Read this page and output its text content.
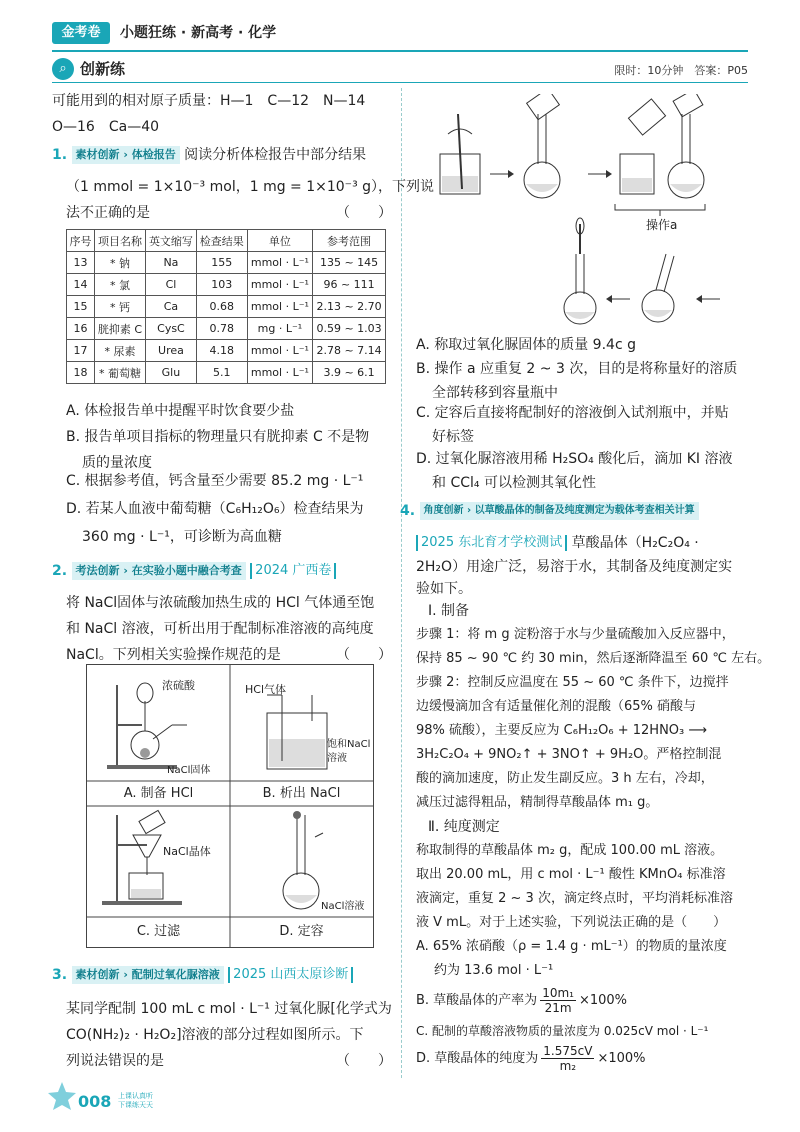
金考卷	小题狂练 · 新高考 · 化学
⌕ 创新练	限时：10分钟　答案：P05
可能用到的相对原子质量：H—1　C—12　N—14
O—16　Ca—40
1. 素材创新 › 体检报告 阅读分析体检报告中部分结果
（1 mmol = 1×10⁻³ mol，1 mg = 1×10⁻³ g），下列说
法不正确的是	（　　）
序号	项目名称	英文缩写	检查结果	单位	参考范围
13	* 钠	Na	155	mmol · L⁻¹	135 ~ 145
14	* 氯	Cl	103	mmol · L⁻¹	96 ~ 111
15	* 钙	Ca	0.68	mmol · L⁻¹	2.13 ~ 2.70
16	胱抑素 C	CysC	0.78	mg · L⁻¹	0.59 ~ 1.03
17	* 尿素	Urea	4.18	mmol · L⁻¹	2.78 ~ 7.14
18	* 葡萄糖	Glu	5.1	mmol · L⁻¹	3.9 ~ 6.1
A. 体检报告单中提醒平时饮食要少盐
B. 报告单项目指标的物理量只有胱抑素 C 不是物
质的量浓度
C. 根据参考值，钙含量至少需要 85.2 mg · L⁻¹
D. 若某人血液中葡萄糖（C₆H₁₂O₆）检查结果为
360 mg · L⁻¹，可诊断为高血糖
2. 考法创新 › 在实验小题中融合考查 2024 广西卷
将 NaCl固体与浓硫酸加热生成的 HCl 气体通至饱
和 NaCl 溶液，可析出用于配制标准溶液的高纯度
NaCl。下列相关实验操作规范的是	（　　）
浓硫酸
NaCl固体
A. 制备 HCl
HCl气体
饱和NaCl
溶液
B. 析出 NaCl
NaCl晶体
C. 过滤
NaCl溶液
D. 定容
3. 素材创新 › 配制过氧化脲溶液 2025 山西太原诊断
某同学配制 100 mL c mol · L⁻¹ 过氧化脲[化学式为
CO(NH₂)₂ · H₂O₂]溶液的部分过程如图所示。下
列说法错误的是	（　　）
008 上课认真听
下课练天天
操作a
A. 称取过氧化脲固体的质量 9.4c g
B. 操作 a 应重复 2 ~ 3 次，目的是将称量好的溶质
全部转移到容量瓶中
C. 定容后直接将配制好的溶液倒入试剂瓶中，并贴
好标签
D. 过氧化脲溶液用稀 H₂SO₄ 酸化后，滴加 KI 溶液
和 CCl₄ 可以检测其氧化性
4. 角度创新 › 以草酸晶体的制备及纯度测定为载体考查相关计算
2025 东北育才学校测试 草酸晶体（H₂C₂O₄ ·
2H₂O）用途广泛，易溶于水，其制备及纯度测定实
验如下。
Ⅰ. 制备
步骤 1：将 m g 淀粉溶于水与少量硫酸加入反应器中，
保持 85 ~ 90 ℃ 约 30 min，然后逐渐降温至 60 ℃ 左右。
步骤 2：控制反应温度在 55 ~ 60 ℃ 条件下，边搅拌
边缓慢滴加含有适量催化剂的混酸（65% 硝酸与
98% 硫酸），主要反应为 C₆H₁₂O₆ + 12HNO₃ ⟶
3H₂C₂O₄ + 9NO₂↑ + 3NO↑ + 9H₂O。严格控制混
酸的滴加速度，防止发生副反应。3 h 左右，冷却，
减压过滤得粗品，精制得草酸晶体 m₁ g。
Ⅱ. 纯度测定
称取制得的草酸晶体 m₂ g，配成 100.00 mL 溶液。
取出 20.00 mL，用 c mol · L⁻¹ 酸性 KMnO₄ 标准溶
液滴定，重复 2 ~ 3 次，滴定终点时，平均消耗标准溶
液 V mL。对于上述实验，下列说法正确的是（　　）
A. 65% 浓硝酸（ρ = 1.4 g · mL⁻¹）的物质的量浓度
约为 13.6 mol · L⁻¹
B. 草酸晶体的产率为 $\frac{\text{10m₁}}{21m} \times 100\%$
C. 配制的草酸溶液物质的量浓度为 0.025cV mol · L⁻¹
D. 草酸晶体的纯度为 $\frac{1.575cV}{\text{m₂}} \times 100\%$
